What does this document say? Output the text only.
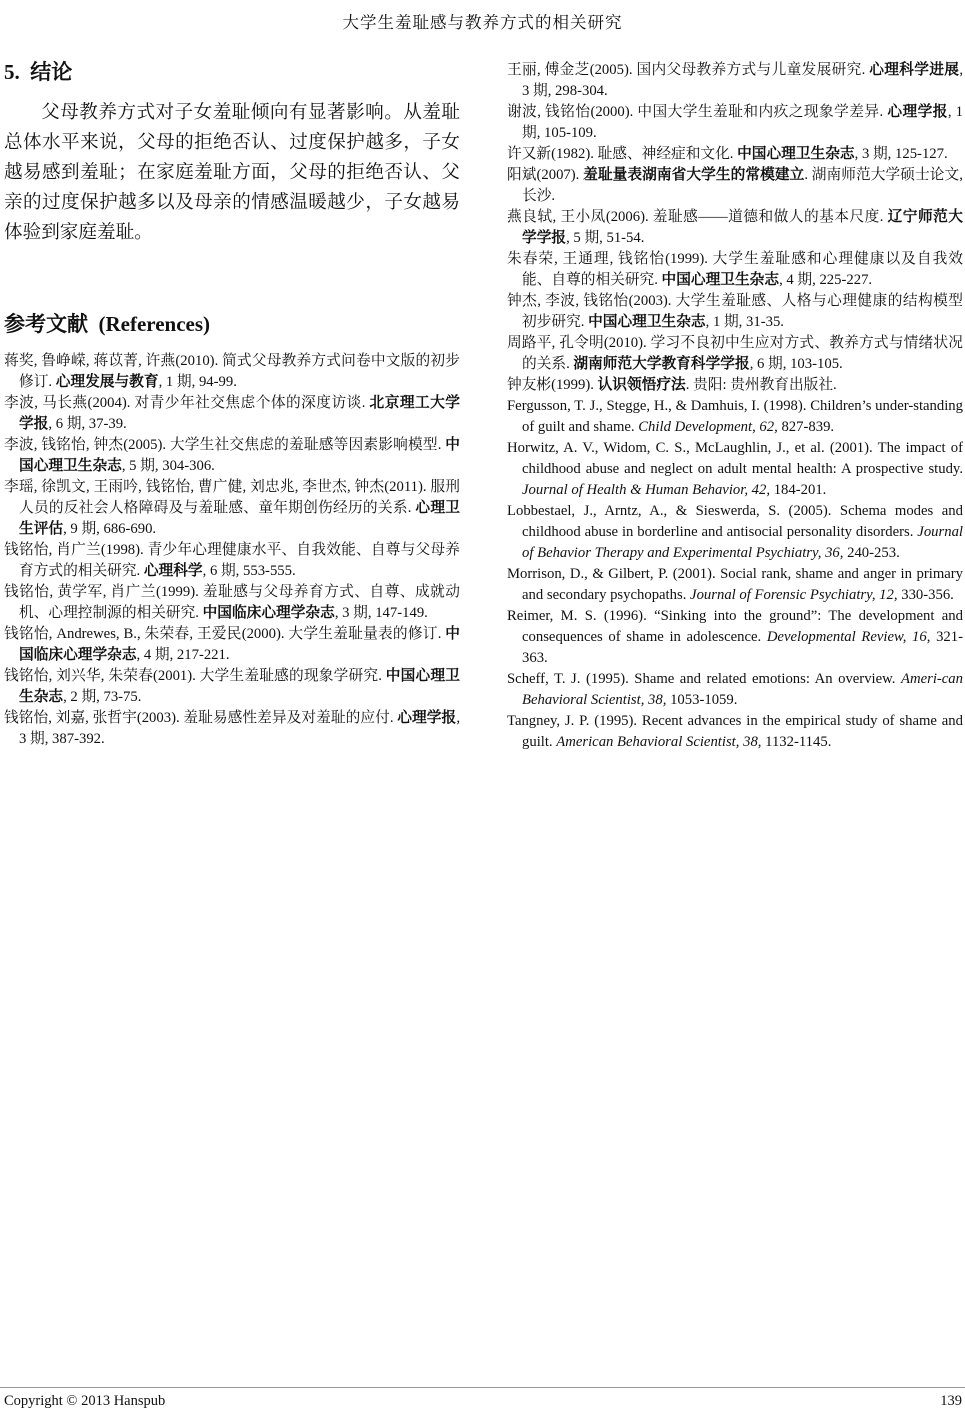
大学生羞耻感与教养方式的相关研究
5.  结论

父母教养方式对子女羞耻倾向有显著影响。从羞耻总体水平来说，父母的拒绝否认、过度保护越多，子女越易感到羞耻；在家庭羞耻方面，父母的拒绝否认、父亲的过度保护越多以及母亲的情感温暖越少，子女越易体验到家庭羞耻。

参考文献  (References)
蒋奖, 鲁峥嵘, 蒋苡菁, 许燕(2010). 简式父母教养方式问卷中文版的初步修订. 心理发展与教育, 1 期, 94-99.
李波, 马长燕(2004). 对青少年社交焦虑个体的深度访谈. 北京理工大学学报, 6 期, 37-39.
李波, 钱铭怡, 钟杰(2005). 大学生社交焦虑的羞耻感等因素影响模型. 中国心理卫生杂志, 5 期, 304-306.
李瑶, 徐凯文, 王雨吟, 钱铭怡, 曹广健, 刘忠兆, 李世杰, 钟杰(2011). 服刑人员的反社会人格障碍及与羞耻感、童年期创伤经历的关系. 心理卫生评估, 9 期, 686-690.
钱铭怡, 肖广兰(1998). 青少年心理健康水平、自我效能、自尊与父母养育方式的相关研究. 心理科学, 6 期, 553-555.
钱铭怡, 黄学军, 肖广兰(1999). 羞耻感与父母养育方式、自尊、成就动机、心理控制源的相关研究. 中国临床心理学杂志, 3 期, 147-149.
钱铭怡, Andrewes, B., 朱荣春, 王爱民(2000). 大学生羞耻量表的修订. 中国临床心理学杂志, 4 期, 217-221.
钱铭怡, 刘兴华, 朱荣春(2001). 大学生羞耻感的现象学研究. 中国心理卫生杂志, 2 期, 73-75.
钱铭怡, 刘嘉, 张哲宇(2003). 羞耻易感性差异及对羞耻的应付. 心理学报, 3 期, 387-392.
王丽, 傅金芝(2005). 国内父母教养方式与儿童发展研究. 心理科学进展, 3 期, 298-304.
谢波, 钱铭怡(2000). 中国大学生羞耻和内疚之现象学差异. 心理学报, 1 期, 105-109.
许又新(1982). 耻感、神经症和文化. 中国心理卫生杂志, 3 期, 125-127.
阳斌(2007). 羞耻量表湖南省大学生的常模建立. 湖南师范大学硕士论文, 长沙.
燕良轼, 王小凤(2006). 羞耻感——道德和做人的基本尺度. 辽宁师范大学学报, 5 期, 51-54.
朱春荣, 王通理, 钱铭怡(1999). 大学生羞耻感和心理健康以及自我效能、自尊的相关研究. 中国心理卫生杂志, 4 期, 225-227.
钟杰, 李波, 钱铭怡(2003). 大学生羞耻感、人格与心理健康的结构模型初步研究. 中国心理卫生杂志, 1 期, 31-35.
周路平, 孔令明(2010). 学习不良初中生应对方式、教养方式与情绪状况的关系. 湖南师范大学教育科学学报, 6 期, 103-105.
钟友彬(1999). 认识领悟疗法. 贵阳: 贵州教育出版社.
Fergusson, T. J., Stegge, H., & Damhuis, I. (1998). Children’s under-standing of guilt and shame. Child Development, 62, 827-839.
Horwitz, A. V., Widom, C. S., McLaughlin, J., et al. (2001). The impact of childhood abuse and neglect on adult mental health: A prospective study. Journal of Health & Human Behavior, 42, 184-201.
Lobbestael, J., Arntz, A., & Sieswerda, S. (2005). Schema modes and childhood abuse in borderline and antisocial personality disorders. Journal of Behavior Therapy and Experimental Psychiatry, 36, 240-253.
Morrison, D., & Gilbert, P. (2001). Social rank, shame and anger in primary and secondary psychopaths. Journal of Forensic Psychiatry, 12, 330-356.
Reimer, M. S. (1996). “Sinking into the ground”: The development and consequences of shame in adolescence. Developmental Review, 16, 321-363.
Scheff, T. J. (1995). Shame and related emotions: An overview. Ameri-can Behavioral Scientist, 38, 1053-1059.
Tangney, J. P. (1995). Recent advances in the empirical study of shame and guilt. American Behavioral Scientist, 38, 1132-1145.
Copyright © 2013 Hanspub	139
